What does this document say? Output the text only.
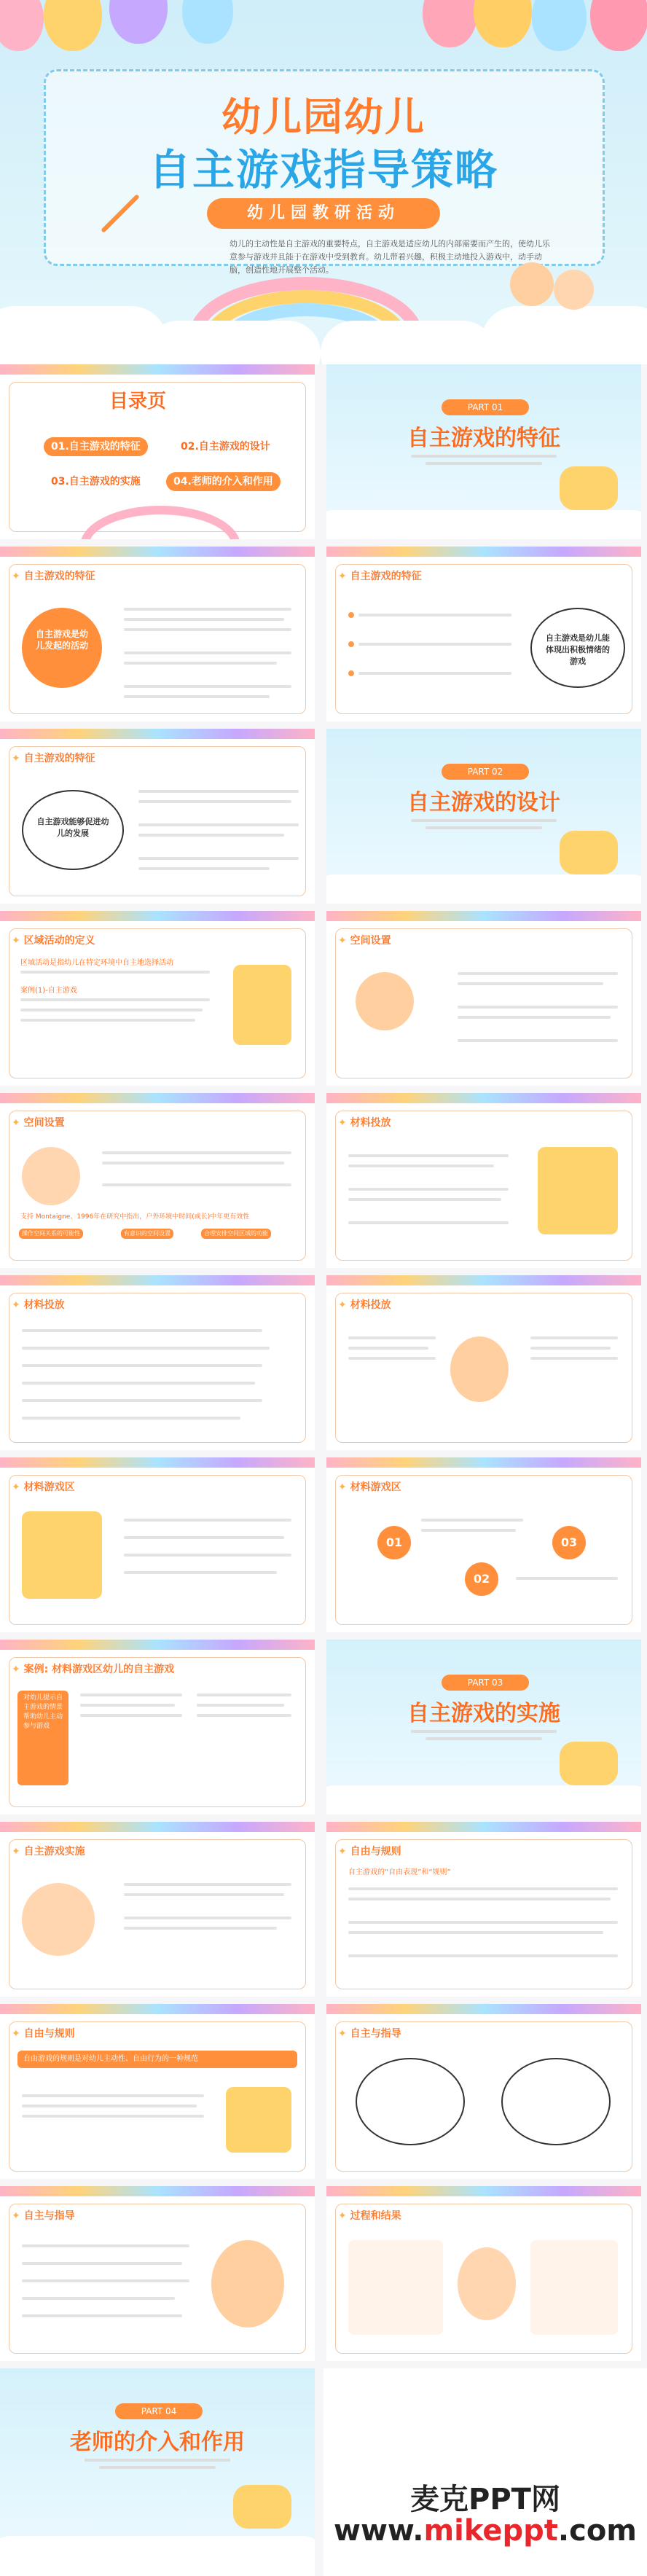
幼儿园幼儿
自主游戏指导策略
幼儿园教研活动
幼儿的主动性是自主游戏的重要特点，自主游戏是适应幼儿的内部需要而产生的，使幼儿乐意参与游戏并且能于在游戏中受到教育。幼儿带着兴趣，积极主动地投入游戏中，动手动脑，创造性地开展整个活动。
目录页
01.自主游戏的特征	02.自主游戏的设计
03.自主游戏的实施	04.老师的介入和作用
PART 01
自主游戏的特征
✦ 自主游戏的特征
自主游戏是幼儿发起的活动
✦ 自主游戏的特征
自主游戏是幼儿能体现出积极情绪的游戏
✦ 自主游戏的特征
自主游戏能够促进幼儿的发展
PART 02
自主游戏的设计
✦ 区域活动的定义
区域活动是指幼儿在特定环境中自主地选择活动
案例(1)-自主游戏
✦ 空间设置
✦ 空间设置
支持 Montaigne、1996年在研究中指出，户外环境中时间(或长)中年更有效性
操作空间关系的可能性	有意识的空间设置	合理安排空间区域的功能
✦ 材料投放
✦ 材料投放	✦ 材料投放
✦ 材料游戏区	✦ 材料游戏区
01
02
03
✦ 案例: 材料游戏区幼儿的自主游戏
对幼儿提示自主游戏的情景帮助幼儿主动参与游戏
PART 03
自主游戏的实施
✦ 自主游戏实施	✦ 自由与规则
自主游戏的“自由表现”和“规则”
✦ 自由与规则
自由游戏的规则是对幼儿主动性、自由行为的一种规范
✦ 自主与指导
✦ 自主与指导	✦ 过程和结果
PART 04
老师的介入和作用
麦克PPT网
www.mikeppt.com
